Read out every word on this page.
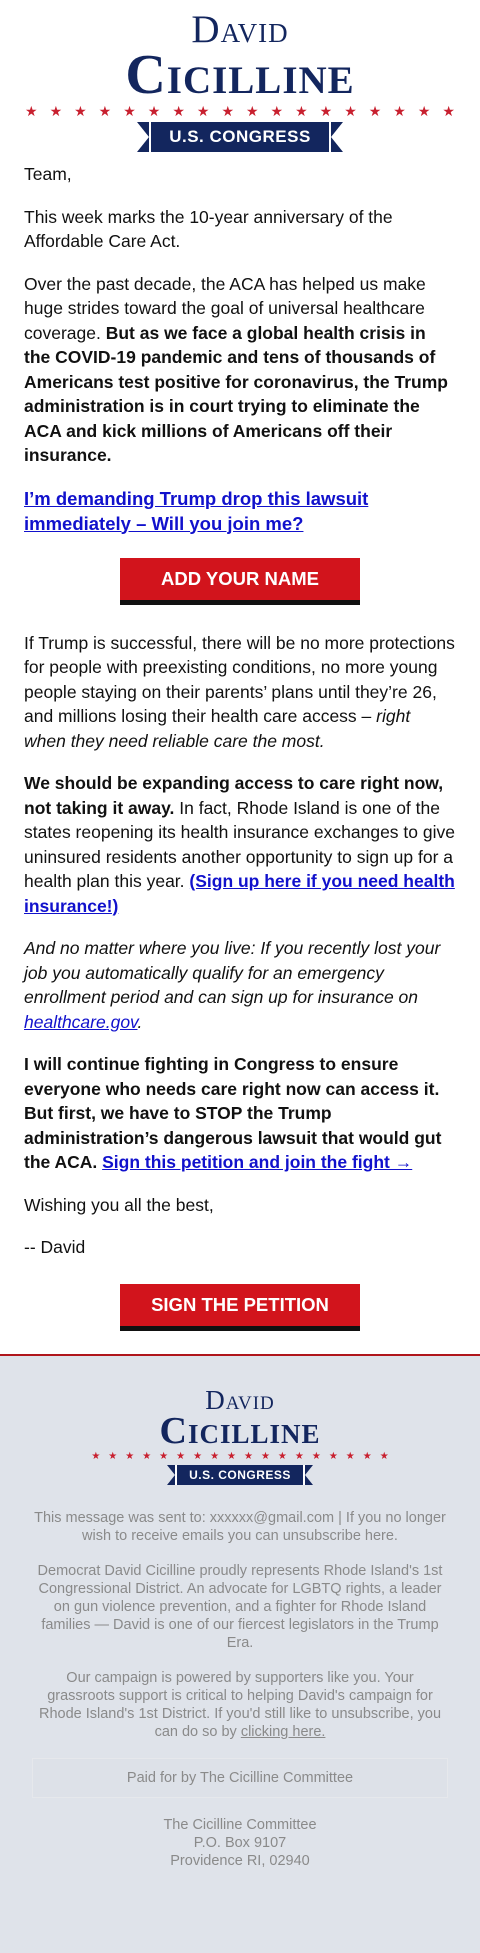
David
Cicilline
★★★★★★★★★★★★★★★★★★
U.S. CONGRESS

Team,

This week marks the 10-year anniversary of the Affordable Care Act.

Over the past decade, the ACA has helped us make huge strides toward the goal of universal healthcare coverage. But as we face a global health crisis in the COVID-19 pandemic and tens of thousands of Americans test positive for coronavirus, the Trump administration is in court trying to eliminate the ACA and kick millions of Americans off their insurance.

I’m demanding Trump drop this lawsuit immediately – Will you join me?

ADD YOUR NAME

If Trump is successful, there will be no more protections for people with preexisting conditions, no more young people staying on their parents’ plans until they’re 26, and millions losing their health care access – right when they need reliable care the most.

We should be expanding access to care right now, not taking it away. In fact, Rhode Island is one of the states reopening its health insurance exchanges to give uninsured residents another opportunity to sign up for a health plan this year. (Sign up here if you need health insurance!)

And no matter where you live: If you recently lost your job you automatically qualify for an emergency enrollment period and can sign up for insurance on healthcare.gov.

I will continue fighting in Congress to ensure everyone who needs care right now can access it. But first, we have to STOP the Trump administration’s dangerous lawsuit that would gut the ACA. Sign this petition and join the fight →

Wishing you all the best,

-- David

SIGN THE PETITION
David
Cicilline
★★★★★★★★★★★★★★★★★★
U.S. CONGRESS

This message was sent to: xxxxxx@gmail.com | If you no longer wish to receive emails you can unsubscribe here.

Democrat David Cicilline proudly represents Rhode Island's 1st Congressional District. An advocate for LGBTQ rights, a leader on gun violence prevention, and a fighter for Rhode Island families — David is one of our fiercest legislators in the Trump Era.

Our campaign is powered by supporters like you. Your grassroots support is critical to helping David's campaign for Rhode Island's 1st District. If you'd still like to unsubscribe, you can do so by clicking here.

Paid for by The Cicilline Committee
The Cicilline Committee
P.O. Box 9107
Providence RI, 02940
